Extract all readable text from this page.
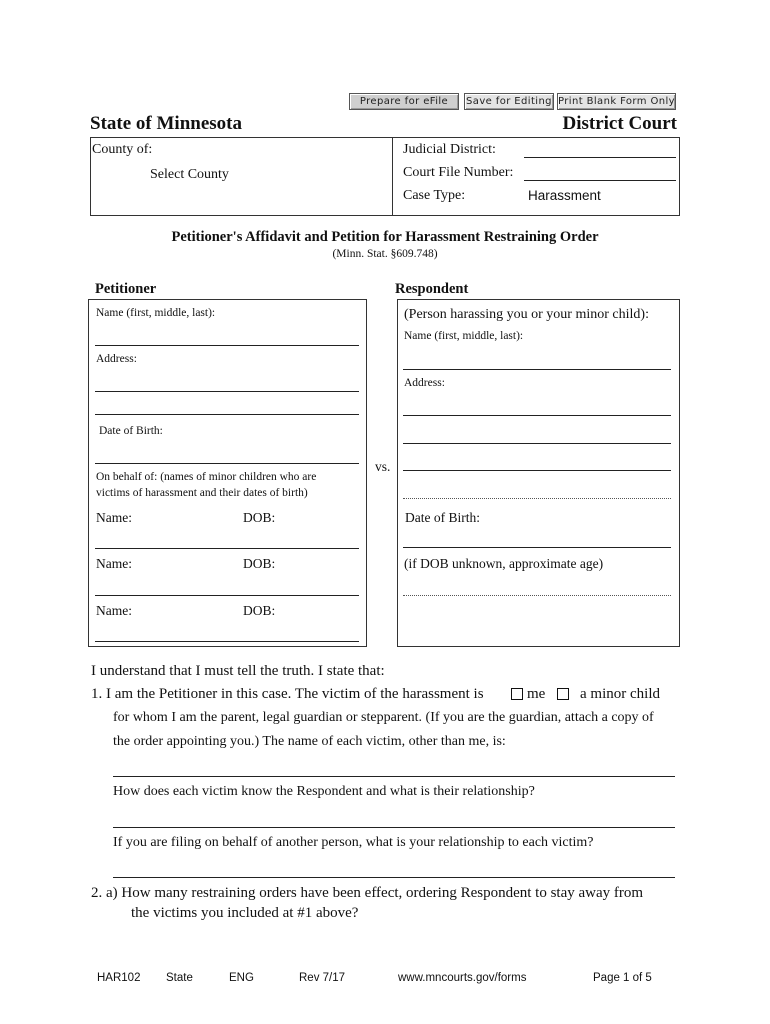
Prepare for eFile	Save for Editing Print Blank Form Only
State of Minnesota	District Court
County of:
Select County
Judicial District:
Court File Number:
Case Type:	Harassment
Petitioner's Affidavit and Petition for Harassment Restraining Order
(Minn. Stat. §609.748)
Petitioner	Respondent
Name (first, middle, last):
Address:
Date of Birth:
On behalf of: (names of minor children who are
victims of harassment and their dates of birth)
Name:	DOB:
Name:	DOB:
Name:	DOB:
vs.
(Person harassing you or your minor child):
Name (first, middle, last):
Address:
Date of Birth:
(if DOB unknown, approximate age)
I understand that I must tell the truth. I state that:
1. I am the Petitioner in this case. The victim of the harassment is	me a minor child
for whom I am the parent, legal guardian or stepparent. (If you are the guardian, attach a copy of
the order appointing you.) The name of each victim, other than me, is:
How does each victim know the Respondent and what is their relationship?
If you are filing on behalf of another person, what is your relationship to each victim?
2. a) How many restraining orders have been effect, ordering Respondent to stay away from
the victims you included at #1 above?
HAR102 State	ENG	Rev 7/17	www.mncourts.gov/forms	Page 1 of 5
